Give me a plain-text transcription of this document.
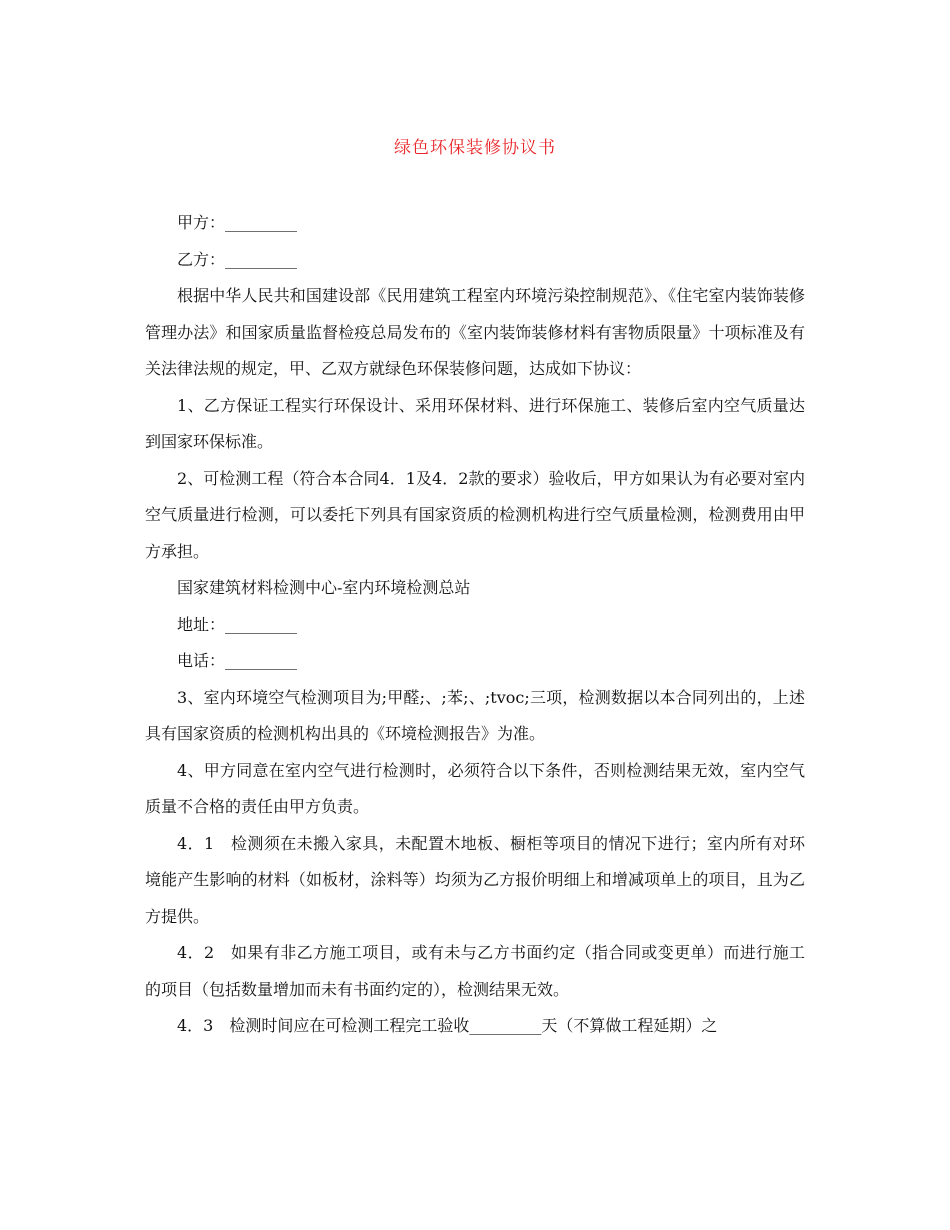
绿色环保装修协议书

甲方：_________

乙方：_________

根据中华人民共和国建设部《民用建筑工程室内环境污染控制规范》、《住宅室内装饰装修管理办法》和国家质量监督检疫总局发布的《室内装饰装修材料有害物质限量》十项标准及有关法律法规的规定，甲、乙双方就绿色环保装修问题，达成如下协议：

1、乙方保证工程实行环保设计、采用环保材料、进行环保施工、装修后室内空气质量达到国家环保标准。

2、可检测工程（符合本合同4．1及4．2款的要求）验收后，甲方如果认为有必要对室内空气质量进行检测，可以委托下列具有国家资质的检测机构进行空气质量检测，检测费用由甲方承担。

国家建筑材料检测中心-室内环境检测总站

地址：_________

电话：_________

3、室内环境空气检测项目为;甲醛;、;苯;、;tvoc;三项，检测数据以本合同列出的，上述具有国家资质的检测机构出具的《环境检测报告》为准。

4、甲方同意在室内空气进行检测时，必须符合以下条件，否则检测结果无效，室内空气质量不合格的责任由甲方负责。

4．1　检测须在未搬入家具，未配置木地板、橱柜等项目的情况下进行；室内所有对环境能产生影响的材料（如板材，涂料等）均须为乙方报价明细上和增减项单上的项目，且为乙方提供。

4．2　如果有非乙方施工项目，或有未与乙方书面约定（指合同或变更单）而进行施工的项目（包括数量增加而未有书面约定的），检测结果无效。

4．3　检测时间应在可检测工程完工验收_________天（不算做工程延期）之
